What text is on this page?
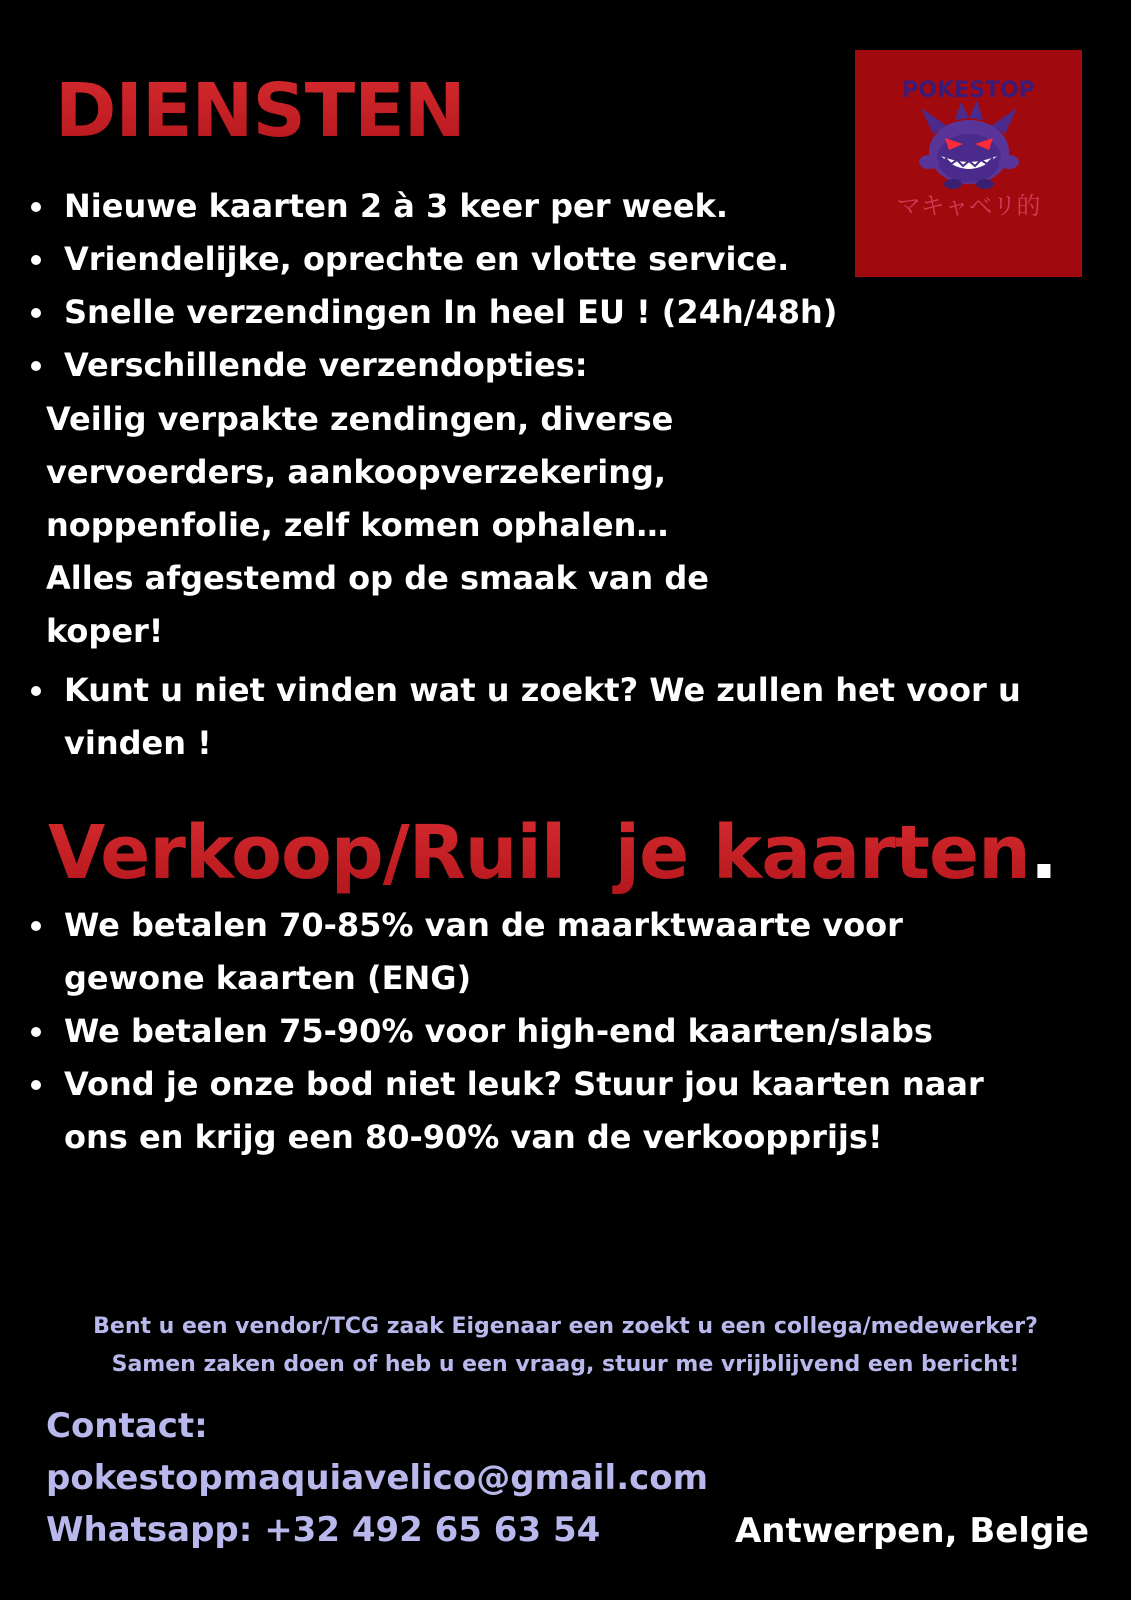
DIENSTEN	POKESTOP
マキャベリ的
Nieuwe kaarten 2 à 3 keer per week.
Vriendelijke, oprechte en vlotte service.
Snelle verzendingen In heel EU ! (24h/48h)
Verschillende verzendopties:
Veilig verpakte zendingen, diverse
vervoerders, aankoopverzekering,
noppenfolie, zelf komen ophalen…
Alles afgestemd op de smaak van de
koper!
Kunt u niet vinden wat u zoekt? We zullen het voor u vinden !
Verkoop/Ruil  je kaarten.
We betalen 70-85% van de maarktwaarte voor gewone kaarten (ENG)
We betalen 75-90% voor high-end kaarten/slabs
Vond je onze bod niet leuk? Stuur jou kaarten naar ons en krijg een 80-90% van de verkoopprijs!
Bent u een vendor/TCG zaak Eigenaar een zoekt u een collega/medewerker?
Samen zaken doen of heb u een vraag, stuur me vrijblijvend een bericht!
Contact:
pokestopmaquiavelico@gmail.com
Whatsapp: +32 492 65 63 54	Antwerpen, Belgie
